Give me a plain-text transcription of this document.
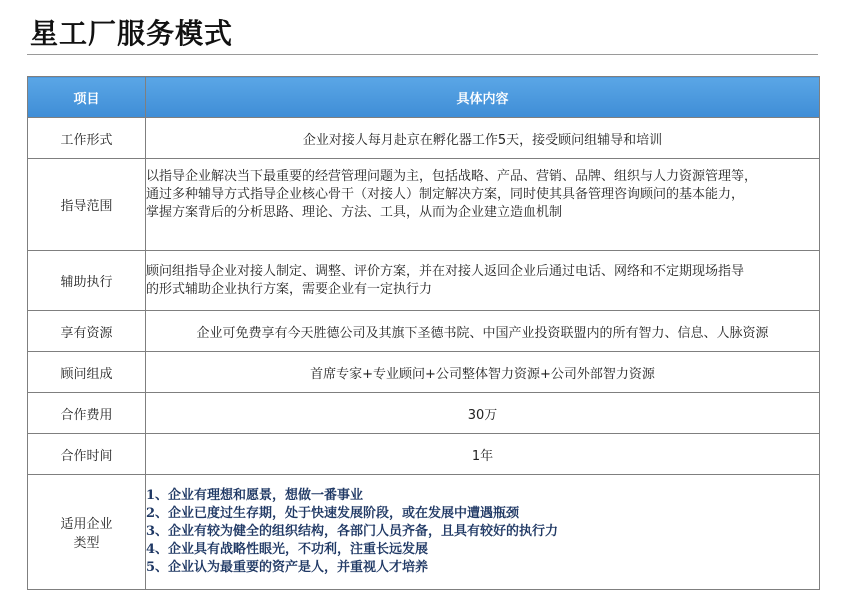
星工厂服务模式
项目	具体内容
工作形式	企业对接人每月赴京在孵化器工作5天，接受顾问组辅导和培训
指导范围	以指导企业解决当下最重要的经营管理问题为主，包括战略、产品、营销、品牌、组织与人力资源管理等，
通过多种辅导方式指导企业核心骨干（对接人）制定解决方案，同时使其具备管理咨询顾问的基本能力，
掌握方案背后的分析思路、理论、方法、工具，从而为企业建立造血机制

辅助执行	顾问组指导企业对接人制定、调整、评价方案，并在对接人返回企业后通过电话、网络和不定期现场指导
的形式辅助企业执行方案，需要企业有一定执行力

享有资源	企业可免费享有今天胜德公司及其旗下圣德书院、中国产业投资联盟内的所有智力、信息、人脉资源
顾问组成	首席专家+专业顾问+公司整体智力资源+公司外部智力资源
合作费用	30万
合作时间	1年

适用企业
类型	1、企业有理想和愿景，想做一番事业
2、企业已度过生存期，处于快速发展阶段，或在发展中遭遇瓶颈
3、企业有较为健全的组织结构，各部门人员齐备，且具有较好的执行力
4、企业具有战略性眼光，不功利，注重长远发展
5、企业认为最重要的资产是人，并重视人才培养
